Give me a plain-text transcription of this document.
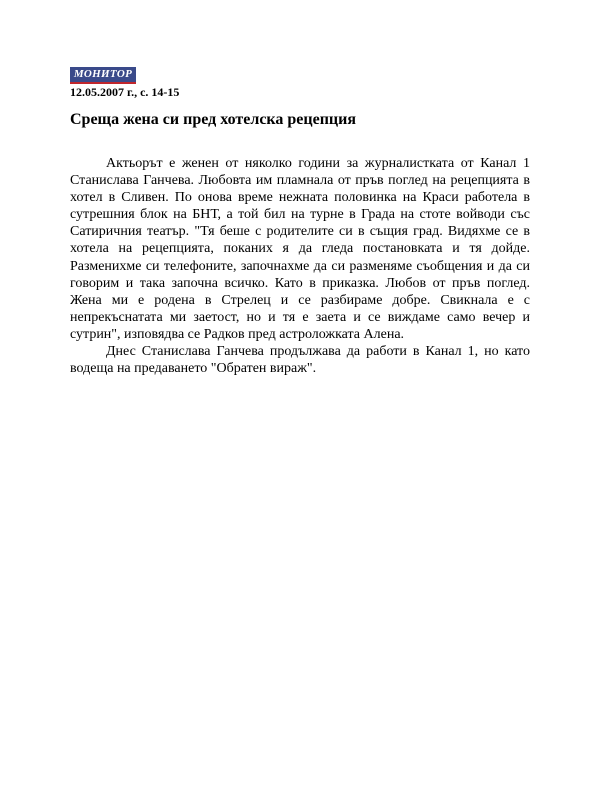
МОНИТОР
12.05.2007 г., с. 14-15
Среща жена си пред хотелска рецепция

Актьорът е женен от няколко години за журналистката от Канал 1 Станислава Ганчева. Любовта им пламнала от пръв поглед на рецепцията в хотел в Сливен. По онова време нежната половинка на Краси работела в сутрешния блок на БНТ, а той бил на турне в Града на стоте войводи със Сатиричния театър. "Тя беше с родителите си в същия град. Видяхме се в хотела на рецепцията, поканих я да гледа постановката и тя дойде. Разменихме си телефоните, започнахме да си разменяме съобщения и да си говорим и така започна всичко. Като в приказка. Любов от пръв поглед. Жена ми е родена в Стрелец и се разбираме добре. Свикнала е с непрекъснатата ми заетост, но и тя е заета и се виждаме само вечер и сутрин", изповядва се Радков пред астроложката Алена.

Днес Станислава Ганчева продължава да работи в Канал 1, но като водеща на предаването "Обратен вираж".
